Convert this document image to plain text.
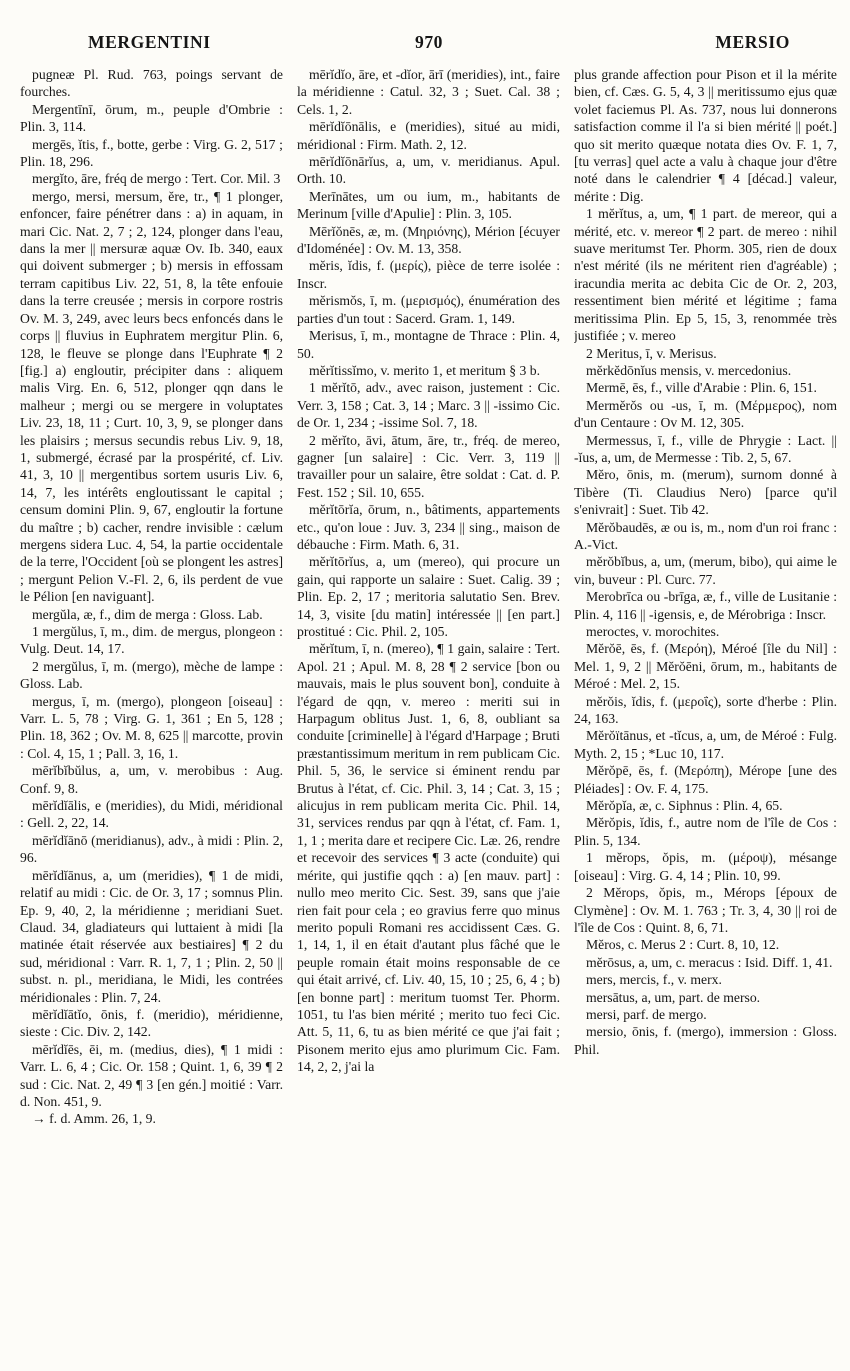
MERGENTINI	970	MERSIO

pugneæ Pl. Rud. 763, poings servant de fourches.

Mergentīnī, ōrum, m., peuple d'Ombrie : Plin. 3, 114.

mergēs, ĭtis, f., botte, gerbe : Virg. G. 2, 517 ; Plin. 18, 296.

mergĭto, āre, fréq de mergo : Tert. Cor. Mil. 3

mergo, mersi, mersum, ĕre, tr., ¶ 1 plonger, enfoncer, faire pénétrer dans : a) in aquam, in mari Cic. Nat. 2, 7 ; 2, 124, plonger dans l'eau, dans la mer || mersuræ aquæ Ov. Ib. 340, eaux qui doivent submerger ; b) mersis in effossam terram capitibus Liv. 22, 51, 8, la tête enfouie dans la terre creusée ; mersis in corpore rostris Ov. M. 3, 249, avec leurs becs enfoncés dans le corps || fluvius in Euphratem mergitur Plin. 6, 128, le fleuve se plonge dans l'Euphrate ¶ 2 [fig.] a) engloutir, précipiter dans : aliquem malis Virg. En. 6, 512, plonger qqn dans le malheur ; mergi ou se mergere in voluptates Liv. 23, 18, 11 ; Curt. 10, 3, 9, se plonger dans les plaisirs ; mersus secundis rebus Liv. 9, 18, 1, submergé, écrasé par la prospérité, cf. Liv. 41, 3, 10 || mergentibus sortem usuris Liv. 6, 14, 7, les intérêts engloutissant le capital ; censum domini Plin. 9, 67, engloutir la fortune du maître ; b) cacher, rendre invisible : cælum mergens sidera Luc. 4, 54, la partie occidentale de la terre, l'Occident [où se plongent les astres] ; mergunt Pelion V.-Fl. 2, 6, ils perdent de vue le Pélion [en naviguant].

mergŭla, æ, f., dim de merga : Gloss. Lab.

1 mergŭlus, ī, m., dim. de mergus, plongeon : Vulg. Deut. 14, 17.

2 mergŭlus, ī, m. (mergo), mèche de lampe : Gloss. Lab.

mergus, ī, m. (mergo), plongeon [oiseau] : Varr. L. 5, 78 ; Virg. G. 1, 361 ; En 5, 128 ; Plin. 18, 362 ; Ov. M. 8, 625 || marcotte, provin : Col. 4, 15, 1 ; Pall. 3, 16, 1.

mērĭbĭbŭlus, a, um, v. merobibus : Aug. Conf. 9, 8.

mērĭdĭālis, e (meridies), du Midi, méridional : Gell. 2, 22, 14.

mērĭdĭānō (meridianus), adv., à midi : Plin. 2, 96.

mērĭdĭānus, a, um (meridies), ¶ 1 de midi, relatif au midi : Cic. de Or. 3, 17 ; somnus Plin. Ep. 9, 40, 2, la méridienne ; meridiani Suet. Claud. 34, gladiateurs qui luttaient à midi [la matinée était réservée aux bestiaires] ¶ 2 du sud, méridional : Varr. R. 1, 7, 1 ; Plin. 2, 50 || subst. n. pl., meridiana, le Midi, les contrées méridionales : Plin. 7, 24.

mērĭdĭātĭo, ōnis, f. (meridio), méridienne, sieste : Cic. Div. 2, 142.

mērĭdĭēs, ēi, m. (medius, dies), ¶ 1 midi : Varr. L. 6, 4 ; Cic. Or. 158 ; Quint. 1, 6, 39 ¶ 2 sud : Cic. Nat. 2, 49 ¶ 3 [en gén.] moitié : Varr. d. Non. 451, 9.

→ f. d. Amm. 26, 1, 9.

mērĭdĭo, āre, et -dĭor, ārī (meridies), int., faire la méridienne : Catul. 32, 3 ; Suet. Cal. 38 ; Cels. 1, 2.

mērĭdĭōnālis, e (meridies), situé au midi, méridional : Firm. Math. 2, 12.

mērĭdĭōnārĭus, a, um, v. meridianus. Apul. Orth. 10.

Merīnātes, um ou ium, m., habitants de Merinum [ville d'Apulie] : Plin. 3, 105.

Mērĭŏnēs, æ, m. (Μηριόνης), Mérion [écuyer d'Idoménée] : Ov. M. 13, 358.

mĕris, ĭdis, f. (μερίς), pièce de terre isolée : Inscr.

mĕrismŏs, ī, m. (μερισμός), énumération des parties d'un tout : Sacerd. Gram. 1, 149.

Merisus, ī, m., montagne de Thrace : Plin. 4, 50.

mĕrĭtissĭmo, v. merito 1, et meritum § 3 b.

1 mĕrĭtō, adv., avec raison, justement : Cic. Verr. 3, 158 ; Cat. 3, 14 ; Marc. 3 || -issimo Cic. de Or. 1, 234 ; -issime Sol. 7, 18.

2 mĕrĭto, āvi, ātum, āre, tr., fréq. de mereo, gagner [un salaire] : Cic. Verr. 3, 119 || travailler pour un salaire, être soldat : Cat. d. P. Fest. 152 ; Sil. 10, 655.

mĕrĭtōrĭa, ōrum, n., bâtiments, appartements etc., qu'on loue : Juv. 3, 234 || sing., maison de débauche : Firm. Math. 6, 31.

mĕrĭtōrĭus, a, um (mereo), qui procure un gain, qui rapporte un salaire : Suet. Calig. 39 ; Plin. Ep. 2, 17 ; meritoria salutatio Sen. Brev. 14, 3, visite [du matin] intéressée || [en part.] prostitué : Cic. Phil. 2, 105.

mĕrĭtum, ī, n. (mereo), ¶ 1 gain, salaire : Tert. Apol. 21 ; Apul. M. 8, 28 ¶ 2 service [bon ou mauvais, mais le plus souvent bon], conduite à l'égard de qqn, v. mereo : meriti sui in Harpagum oblitus Just. 1, 6, 8, oubliant sa conduite [criminelle] à l'égard d'Harpage ; Bruti præstantissimum meritum in rem publicam Cic. Phil. 5, 36, le service si éminent rendu par Brutus à l'état, cf. Cic. Phil. 3, 14 ; Cat. 3, 15 ; alicujus in rem publicam merita Cic. Phil. 14, 31, services rendus par qqn à l'état, cf. Fam. 1, 1, 1 ; merita dare et recipere Cic. Læ. 26, rendre et recevoir des services ¶ 3 acte (conduite) qui mérite, qui justifie qqch : a) [en mauv. part] : nullo meo merito Cic. Sest. 39, sans que j'aie rien fait pour cela ; eo gravius ferre quo minus merito populi Romani res accidissent Cæs. G. 1, 14, 1, il en était d'autant plus fâché que le peuple romain était moins responsable de ce qui était arrivé, cf. Liv. 40, 15, 10 ; 25, 6, 4 ; b) [en bonne part] : meritum tuomst Ter. Phorm. 1051, tu l'as bien mérité ; merito tuo feci Cic. Att. 5, 11, 6, tu as bien mérité ce que j'ai fait ; Pisonem merito ejus amo plurimum Cic. Fam. 14, 2, 2, j'ai la

plus grande affection pour Pison et il la mérite bien, cf. Cæs. G. 5, 4, 3 || meritissumo ejus quæ volet faciemus Pl. As. 737, nous lui donnerons satisfaction comme il l'a si bien mérité || poét.] quo sit merito quæque notata dies Ov. F. 1, 7, [tu verras] quel acte a valu à chaque jour d'être noté dans le calendrier ¶ 4 [décad.] valeur, mérite : Dig.

1 mĕrĭtus, a, um, ¶ 1 part. de mereor, qui a mérité, etc. v. mereor ¶ 2 part. de mereo : nihil suave meritumst Ter. Phorm. 305, rien de doux n'est mérité (ils ne méritent rien d'agréable) ; iracundia merita ac debita Cic de Or. 2, 203, ressentiment bien mérité et légitime ; fama meritissima Plin. Ep 5, 15, 3, renommée très justifiée ; v. mereo

2 Meritus, ī, v. Merisus.

mĕrkĕdōnĭus mensis, v. mercedonius.

Mermē, ēs, f., ville d'Arabie : Plin. 6, 151.

Mermĕrŏs ou -us, ī, m. (Μέρμερος), nom d'un Centaure : Ov M. 12, 305.

Mermessus, ī, f., ville de Phrygie : Lact. || -ĭus, a, um, de Mermesse : Tib. 2, 5, 67.

Mĕro, ōnis, m. (merum), surnom donné à Tibère (Ti. Claudius Nero) [parce qu'il s'enivrait] : Suet. Tib 42.

Mĕrŏbaudēs, æ ou is, m., nom d'un roi franc : A.-Vict.

mĕrŏbĭbus, a, um, (merum, bibo), qui aime le vin, buveur : Pl. Curc. 77.

Merobrīca ou -brīga, æ, f., ville de Lusitanie : Plin. 4, 116 || -igensis, e, de Mérobriga : Inscr.

meroctes, v. morochites.

Mĕrŏē, ēs, f. (Μερόη), Méroé [île du Nil] : Mel. 1, 9, 2 || Mĕrŏēni, ōrum, m., habitants de Méroé : Mel. 2, 15.

mĕrŏis, ĭdis, f. (μεροΐς), sorte d'herbe : Plin. 24, 163.

Mĕrŏïtānus, et -tĭcus, a, um, de Méroé : Fulg. Myth. 2, 15 ; *Luc 10, 117.

Mĕrŏpē, ēs, f. (Μερόπη), Mérope [une des Pléiades] : Ov. F. 4, 175.

Mĕrŏpĭa, æ, c. Siphnus : Plin. 4, 65.

Mĕrŏpis, ĭdis, f., autre nom de l'île de Cos : Plin. 5, 134.

1 mĕrops, ŏpis, m. (μέροψ), mésange [oiseau] : Virg. G. 4, 14 ; Plin. 10, 99.

2 Mĕrops, ŏpis, m., Mérops [époux de Clymène] : Ov. M. 1. 763 ; Tr. 3, 4, 30 || roi de l'île de Cos : Quint. 8, 6, 71.

Mĕros, c. Merus 2 : Curt. 8, 10, 12.

mĕrōsus, a, um, c. meracus : Isid. Diff. 1, 41.

mers, mercis, f., v. merx.

mersātus, a, um, part. de merso.

mersi, parf. de mergo.

mersio, ōnis, f. (mergo), immersion : Gloss. Phil.
